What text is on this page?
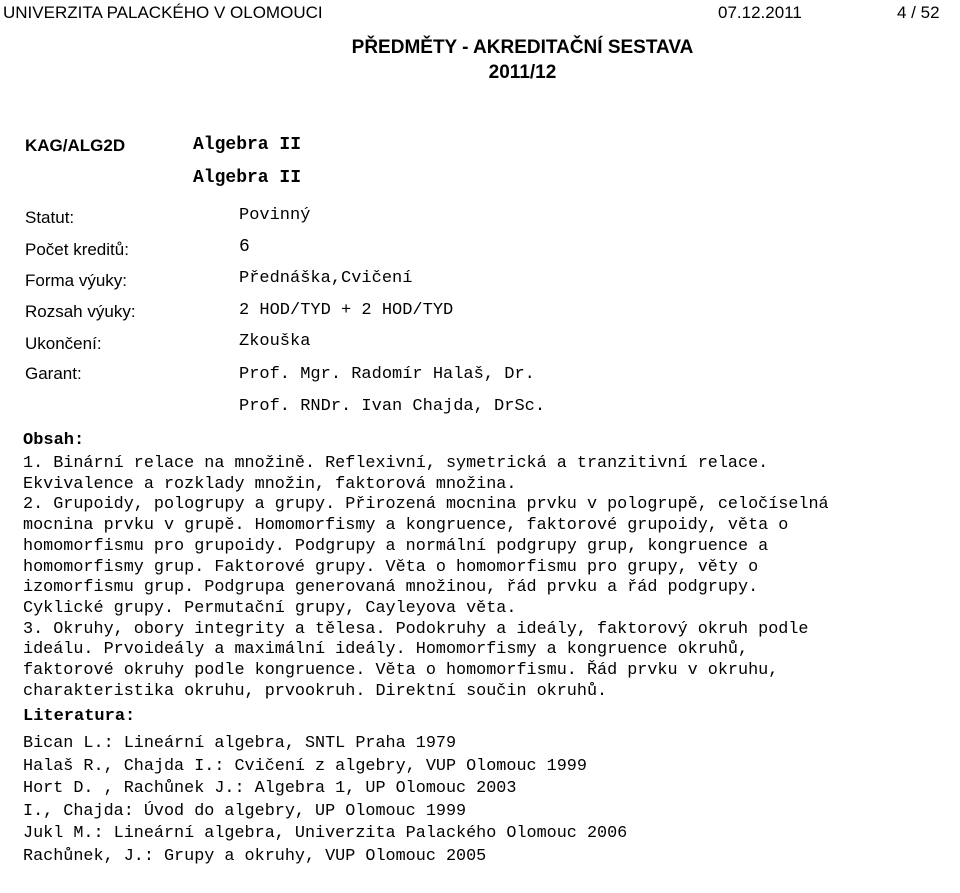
UNIVERZITA PALACKÉHO V OLOMOUCI	07.12.2011	4 / 52
PŘEDMĚTY - AKREDITAČNÍ SESTAVA
2011/12
KAG/ALG2D	Algebra II
Algebra II
Statut:	Povinný
Počet kreditů:	6
Forma výuky:	Přednáška,Cvičení
Rozsah výuky:	2 HOD/TYD + 2 HOD/TYD
Ukončení:	Zkouška
Garant:	Prof. Mgr. Radomír Halaš, Dr.
Prof. RNDr. Ivan Chajda, DrSc.
Obsah:
1. Binární relace na množině. Reflexivní, symetrická a tranzitivní relace.
Ekvivalence a rozklady množin, faktorová množina.
2. Grupoidy, pologrupy a grupy. Přirozená mocnina prvku v pologrupě, celočíselná
mocnina prvku v grupě. Homomorfismy a kongruence, faktorové grupoidy, věta o
homomorfismu pro grupoidy. Podgrupy a normální podgrupy grup, kongruence a
homomorfismy grup. Faktorové grupy. Věta o homomorfismu pro grupy, věty o
izomorfismu grup. Podgrupa generovaná množinou, řád prvku a řád podgrupy.
Cyklické grupy. Permutační grupy, Cayleyova věta.
3. Okruhy, obory integrity a tělesa. Podokruhy a ideály, faktorový okruh podle
ideálu. Prvoideály a maximální ideály. Homomorfismy a kongruence okruhů,
faktorové okruhy podle kongruence. Věta o homomorfismu. Řád prvku v okruhu,
charakteristika okruhu, prvookruh. Direktní součin okruhů.
Literatura:
Bican L.: Lineární algebra, SNTL Praha 1979
Halaš R., Chajda I.: Cvičení z algebry, VUP Olomouc 1999
Hort D. , Rachůnek J.: Algebra 1, UP Olomouc 2003
I., Chajda: Úvod do algebry, UP Olomouc 1999
Jukl M.: Lineární algebra, Univerzita Palackého Olomouc 2006
Rachůnek, J.: Grupy a okruhy, VUP Olomouc 2005
